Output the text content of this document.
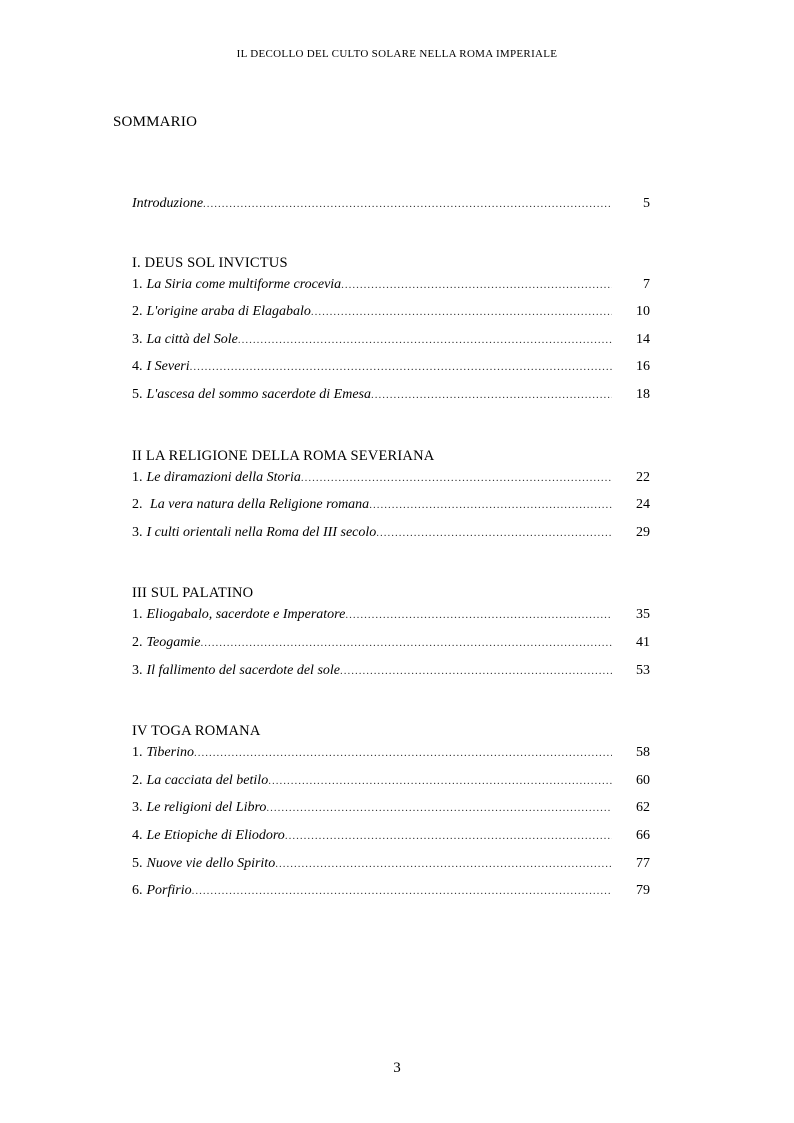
IL DECOLLO DEL CULTO SOLARE NELLA ROMA IMPERIALE
SOMMARIO
Introduzione .....	5
I. DEUS SOL INVICTUS
1. La Siria come multiforme crocevia .....	7
2. L'origine araba di Elagabalo .....	10
3. La città del Sole .....	14
4. I Severi .....	16
5. L'ascesa del sommo sacerdote di Emesa .....	18
II LA RELIGIONE DELLA ROMA SEVERIANA
1. Le diramazioni della Storia .....	22
2. La vera natura della Religione romana .....	24
3. I culti orientali nella Roma del III secolo .....	29
III SUL PALATINO
1. Eliogabalo, sacerdote e Imperatore .....	35
2. Teogamie .....	41
3. Il fallimento del sacerdote del sole .....	53
IV TOGA ROMANA
1. Tiberino .....	58
2. La cacciata del betilo .....	60
3. Le religioni del Libro .....	62
4. Le Etiopiche di Eliodoro .....	66
5. Nuove vie dello Spirito .....	77
6. Porfirio .....	79
3
